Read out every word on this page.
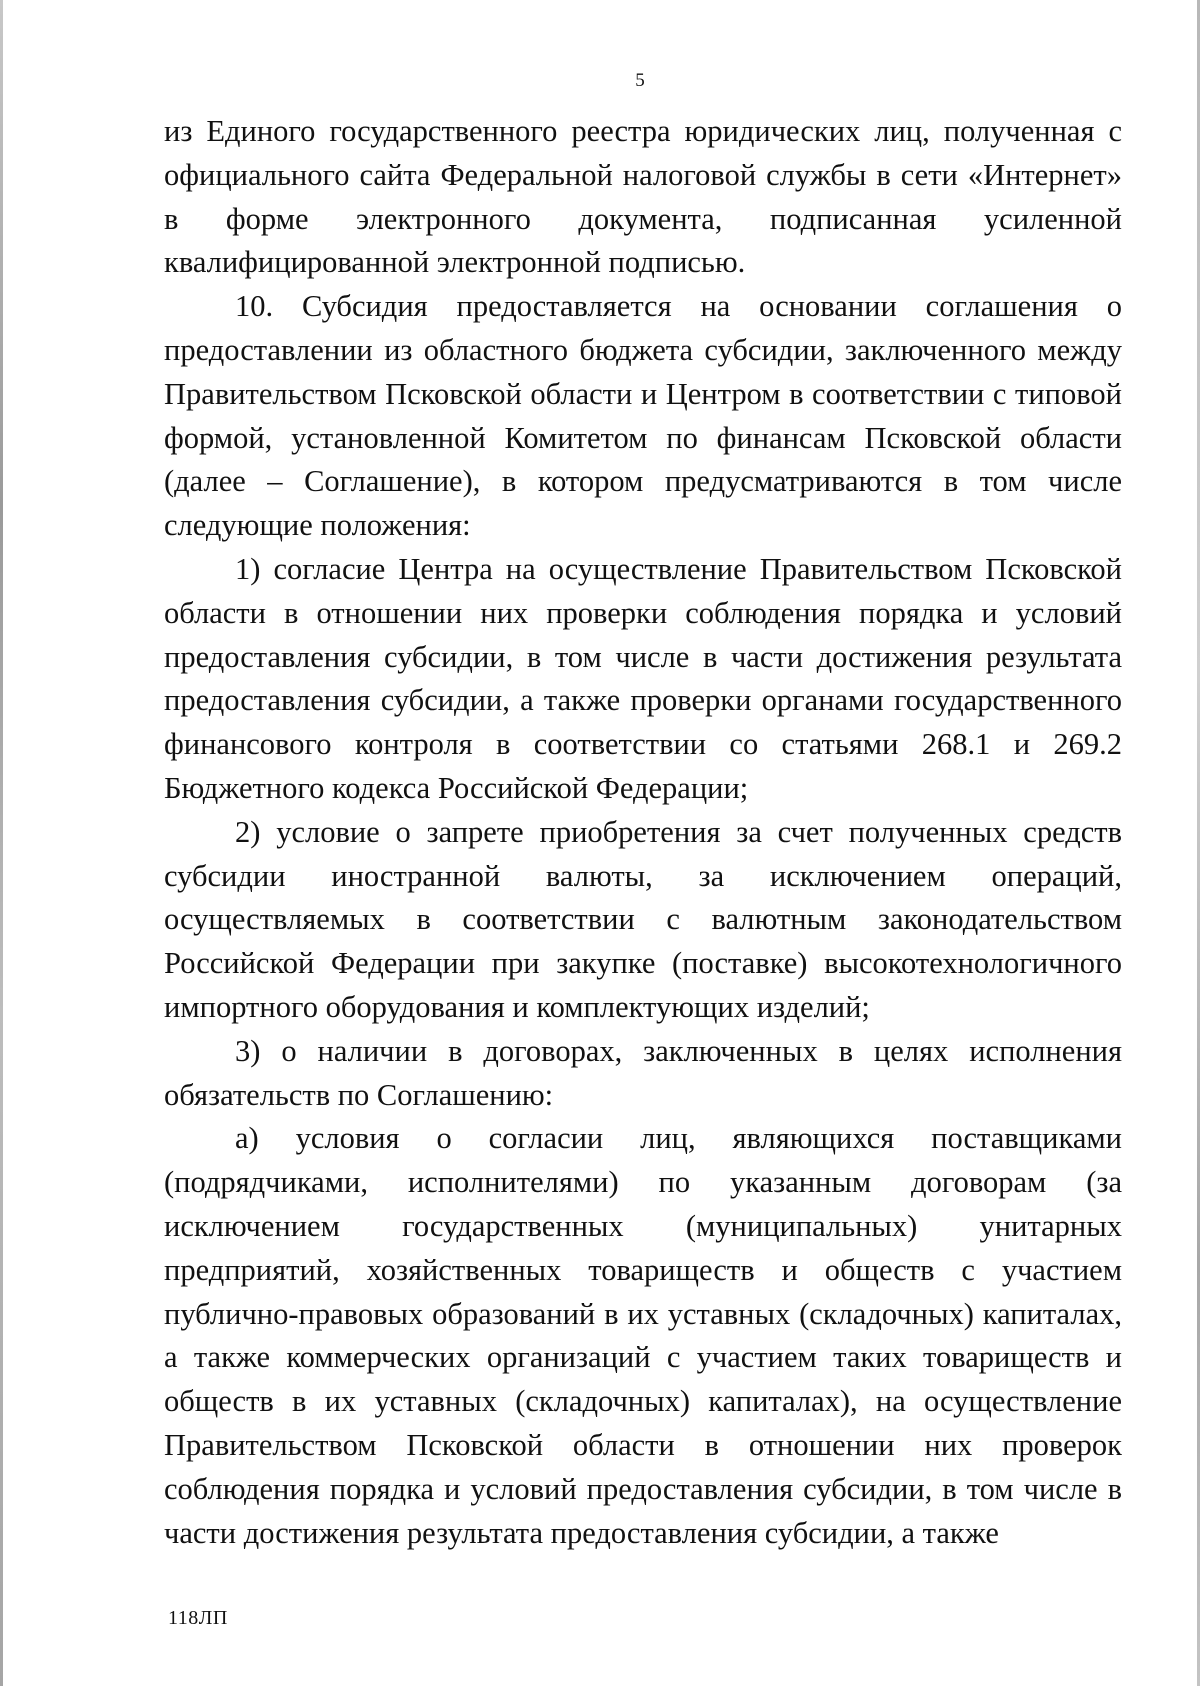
5

из Единого государственного реестра юридических лиц, полученная с официального сайта Федеральной налоговой службы в сети «Интернет» в форме электронного документа, подписанная усиленной квалифицированной электронной подписью.

10. Субсидия предоставляется на основании соглашения о предоставлении из областного бюджета субсидии, заключенного между Правительством Псковской области и Центром в соответствии с типовой формой, установленной Комитетом по финансам Псковской области (далее – Соглашение), в котором предусматриваются в том числе следующие положения:

1) согласие Центра на осуществление Правительством Псковской области в отношении них проверки соблюдения порядка и условий предоставления субсидии, в том числе в части достижения результата предоставления субсидии, а также проверки органами государственного финансового контроля в соответствии со статьями 268.1 и 269.2 Бюджетного кодекса Российской Федерации;

2) условие о запрете приобретения за счет полученных средств субсидии иностранной валюты, за исключением операций, осуществляемых в соответствии с валютным законодательством Российской Федерации при закупке (поставке) высокотехнологичного импортного оборудования и комплектующих изделий;

3) о наличии в договорах, заключенных в целях исполнения обязательств по Соглашению:

а) условия о согласии лиц, являющихся поставщиками (подрядчиками, исполнителями) по указанным договорам (за исключением государственных (муниципальных) унитарных предприятий, хозяйственных товариществ и обществ с участием публично-правовых образований в их уставных (складочных) капиталах, а также коммерческих организаций с участием таких товариществ и обществ в их уставных (складочных) капиталах), на осуществление Правительством Псковской области в отношении них проверок соблюдения порядка и условий предоставления субсидии, в том числе в части достижения результата предоставления субсидии, а также

118ЛП
